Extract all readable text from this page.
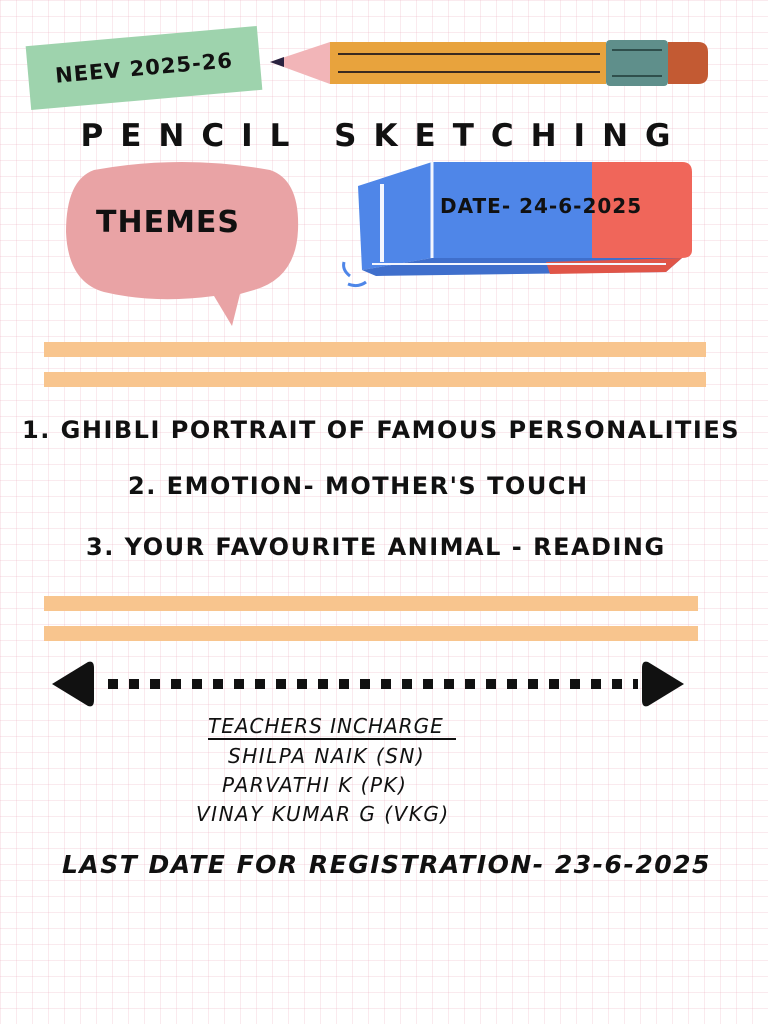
NEEV 2025-26
PENCIL SKETCHING
THEMES	DATE- 24-6-2025
1. GHIBLI PORTRAIT OF FAMOUS PERSONALITIES
2. EMOTION- MOTHER'S TOUCH
3. YOUR FAVOURITE ANIMAL - READING
TEACHERS INCHARGE
SHILPA NAIK (SN)
PARVATHI K (PK)
VINAY KUMAR G (VKG)
LAST DATE FOR REGISTRATION- 23-6-2025
